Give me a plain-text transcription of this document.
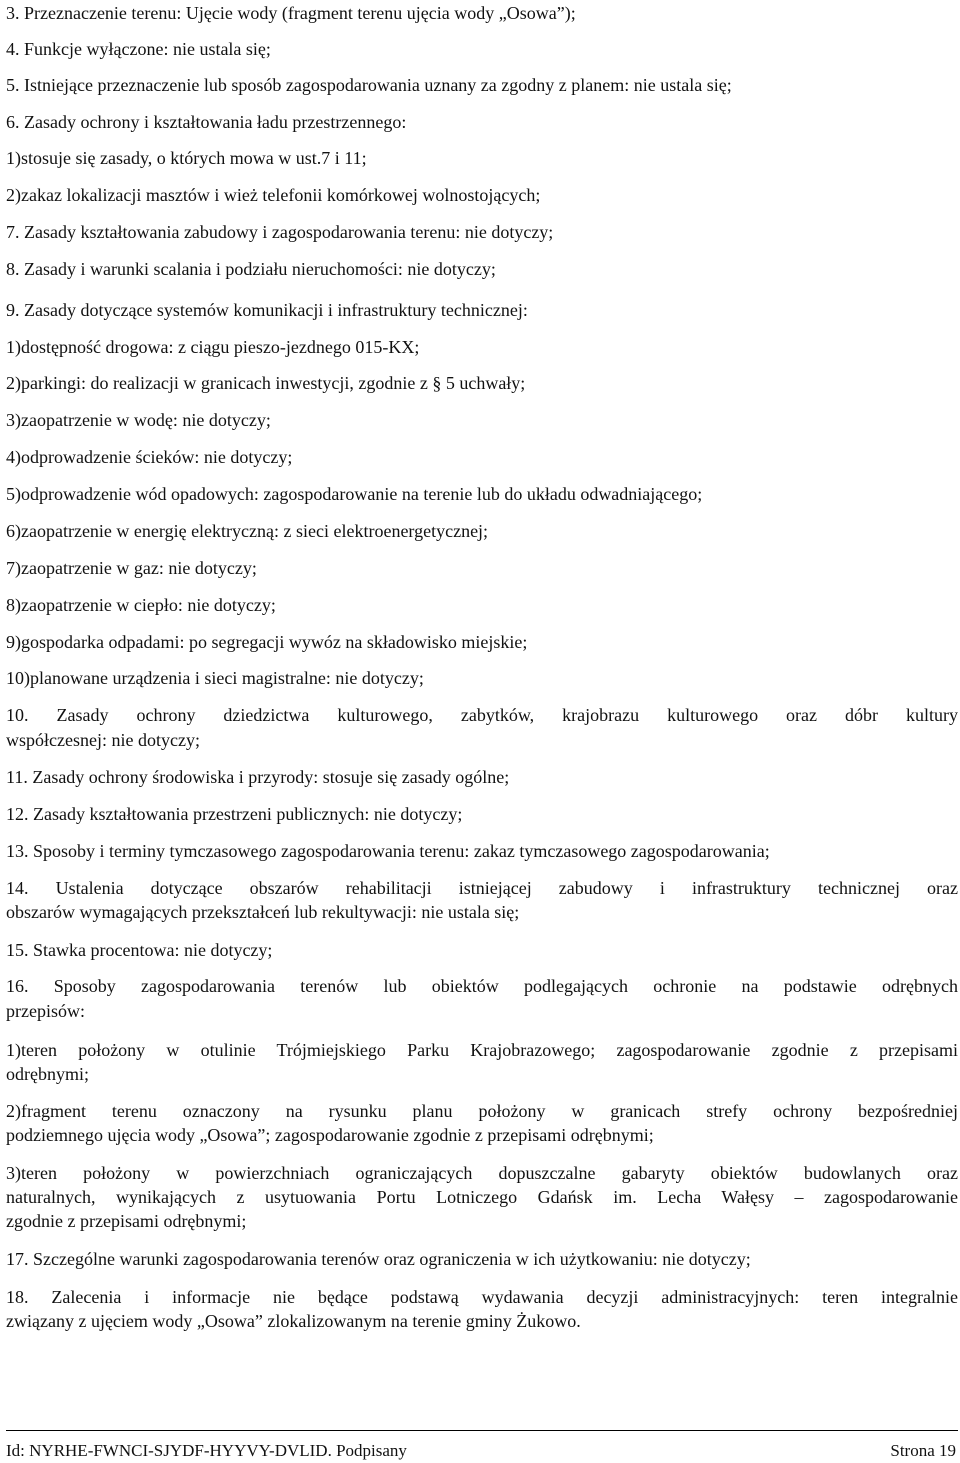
3. Przeznaczenie terenu: Ujęcie wody (fragment terenu ujęcia wody „Osowa”);
4. Funkcje wyłączone: nie ustala się;
5. Istniejące przeznaczenie lub sposób zagospodarowania uznany za zgodny z planem: nie ustala się;
6. Zasady ochrony i kształtowania ładu przestrzennego:
1)stosuje się zasady, o których mowa w ust.7 i 11;
2)zakaz lokalizacji masztów i wież telefonii komórkowej wolnostojących;
7. Zasady kształtowania zabudowy i zagospodarowania terenu: nie dotyczy;
8. Zasady i warunki scalania i podziału nieruchomości: nie dotyczy;
9. Zasady dotyczące systemów komunikacji i infrastruktury technicznej:
1)dostępność drogowa: z ciągu pieszo-jezdnego 015-KX;
2)parkingi: do realizacji w granicach inwestycji, zgodnie z § 5 uchwały;
3)zaopatrzenie w wodę: nie dotyczy;
4)odprowadzenie ścieków: nie dotyczy;
5)odprowadzenie wód opadowych: zagospodarowanie na terenie lub do układu odwadniającego;
6)zaopatrzenie w energię elektryczną: z sieci elektroenergetycznej;
7)zaopatrzenie w gaz: nie dotyczy;
8)zaopatrzenie w ciepło: nie dotyczy;
9)gospodarka odpadami: po segregacji wywóz na składowisko miejskie;
10)planowane urządzenia i sieci magistralne: nie dotyczy;
10. Zasady ochrony dziedzictwa kulturowego, zabytków, krajobrazu kulturowego oraz dóbr kultury
współczesnej: nie dotyczy;
11. Zasady ochrony środowiska i przyrody: stosuje się zasady ogólne;
12. Zasady kształtowania przestrzeni publicznych: nie dotyczy;
13. Sposoby i terminy tymczasowego zagospodarowania terenu: zakaz tymczasowego zagospodarowania;
14. Ustalenia dotyczące obszarów rehabilitacji istniejącej zabudowy i infrastruktury technicznej oraz
obszarów wymagających przekształceń lub rekultywacji: nie ustala się;
15. Stawka procentowa: nie dotyczy;
16. Sposoby zagospodarowania terenów lub obiektów podlegających ochronie na podstawie odrębnych
przepisów:
1)teren położony w otulinie Trójmiejskiego Parku Krajobrazowego; zagospodarowanie zgodnie z przepisami
odrębnymi;
2)fragment terenu oznaczony na rysunku planu położony w granicach strefy ochrony bezpośredniej
podziemnego ujęcia wody „Osowa”; zagospodarowanie zgodnie z przepisami odrębnymi;
3)teren położony w powierzchniach ograniczających dopuszczalne gabaryty obiektów budowlanych oraz
naturalnych, wynikających z usytuowania Portu Lotniczego Gdańsk im. Lecha Wałęsy – zagospodarowanie
zgodnie z przepisami odrębnymi;
17. Szczególne warunki zagospodarowania terenów oraz ograniczenia w ich użytkowaniu: nie dotyczy;
18. Zalecenia i informacje nie będące podstawą wydawania decyzji administracyjnych: teren integralnie
związany z ujęciem wody „Osowa” zlokalizowanym na terenie gminy Żukowo.
Id: NYRHE-FWNCI-SJYDF-HYYVY-DVLID. Podpisany	Strona 19
